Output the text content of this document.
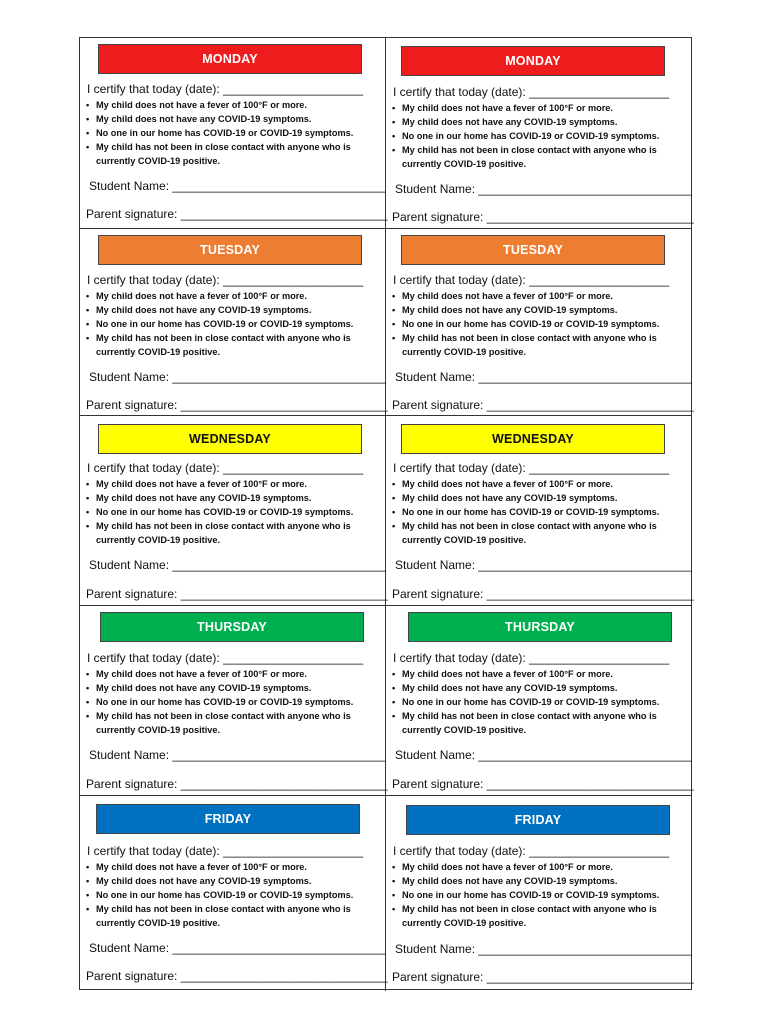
MONDAY
I certify that today (date): _____________________
• My child does not have a fever of 100°F or more.
• My child does not have any COVID-19 symptoms.
• No one in our home has COVID-19 or COVID-19 symptoms.
• My child has not been in close contact with anyone who is currently COVID-19 positive.
Student Name: ________________________________
Parent signature: _______________________________
MONDAY
I certify that today (date): _____________________
• My child does not have a fever of 100°F or more.
• My child does not have any COVID-19 symptoms.
• No one in our home has COVID-19 or COVID-19 symptoms.
• My child has not been in close contact with anyone who is currently COVID-19 positive.
Student Name: ________________________________
Parent signature: _______________________________
TUESDAY
I certify that today (date): _____________________
• My child does not have a fever of 100°F or more.
• My child does not have any COVID-19 symptoms.
• No one in our home has COVID-19 or COVID-19 symptoms.
• My child has not been in close contact with anyone who is currently COVID-19 positive.
Student Name: ________________________________
Parent signature: _______________________________
TUESDAY
I certify that today (date): _____________________
• My child does not have a fever of 100°F or more.
• My child does not have any COVID-19 symptoms.
• No one in our home has COVID-19 or COVID-19 symptoms.
• My child has not been in close contact with anyone who is currently COVID-19 positive.
Student Name: ________________________________
Parent signature: _______________________________
WEDNESDAY
I certify that today (date): _____________________
• My child does not have a fever of 100°F or more.
• My child does not have any COVID-19 symptoms.
• No one in our home has COVID-19 or COVID-19 symptoms.
• My child has not been in close contact with anyone who is currently COVID-19 positive.
Student Name: ________________________________
Parent signature: _______________________________
WEDNESDAY
I certify that today (date): _____________________
• My child does not have a fever of 100°F or more.
• My child does not have any COVID-19 symptoms.
• No one in our home has COVID-19 or COVID-19 symptoms.
• My child has not been in close contact with anyone who is currently COVID-19 positive.
Student Name: ________________________________
Parent signature: _______________________________
THURSDAY
I certify that today (date): _____________________
• My child does not have a fever of 100°F or more.
• My child does not have any COVID-19 symptoms.
• No one in our home has COVID-19 or COVID-19 symptoms.
• My child has not been in close contact with anyone who is currently COVID-19 positive.
Student Name: ________________________________
Parent signature: _______________________________
THURSDAY
I certify that today (date): _____________________
• My child does not have a fever of 100°F or more.
• My child does not have any COVID-19 symptoms.
• No one in our home has COVID-19 or COVID-19 symptoms.
• My child has not been in close contact with anyone who is currently COVID-19 positive.
Student Name: ________________________________
Parent signature: _______________________________
FRIDAY
I certify that today (date): _____________________
• My child does not have a fever of 100°F or more.
• My child does not have any COVID-19 symptoms.
• No one in our home has COVID-19 or COVID-19 symptoms.
• My child has not been in close contact with anyone who is currently COVID-19 positive.
Student Name: ________________________________
Parent signature: _______________________________
FRIDAY
I certify that today (date): _____________________
• My child does not have a fever of 100°F or more.
• My child does not have any COVID-19 symptoms.
• No one in our home has COVID-19 or COVID-19 symptoms.
• My child has not been in close contact with anyone who is currently COVID-19 positive.
Student Name: ________________________________
Parent signature: _______________________________
